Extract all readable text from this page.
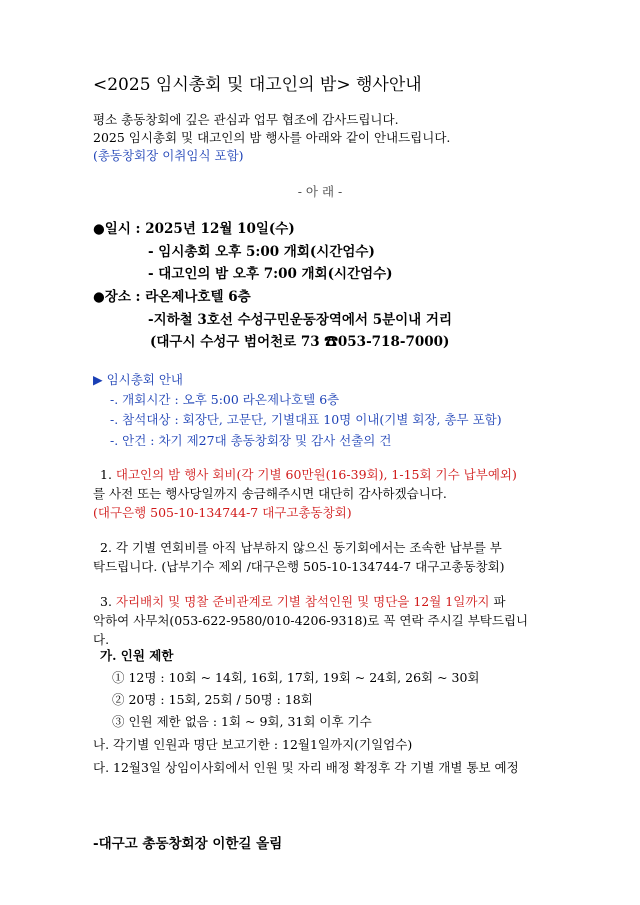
<2025 임시총회 및 대고인의 밤> 행사안내
평소 총동창회에 깊은 관심과 업무 협조에 감사드립니다.
2025 임시총회 및 대고인의 밤 행사를 아래와 같이 안내드립니다.
(총동창회장 이취임식 포함)
- 아 래 -
●일시 : 2025년 12월 10일(수)
- 임시총회 오후 5:00 개회(시간엄수)
- 대고인의 밤 오후 7:00 개회(시간엄수)
●장소 : 라온제나호텔 6층
-지하철 3호선 수성구민운동장역에서 5분이내 거리
(대구시 수성구 범어천로 73 ☎053-718-7000)
▶ 임시총회 안내
-. 개회시간 : 오후 5:00 라온제나호텔 6층
-. 참석대상 : 회장단, 고문단, 기별대표 10명 이내(기별 회장, 총무 포함)
-. 안건 : 차기 제27대 총동창회장 및 감사 선출의 건
1. 대고인의 밤 행사 회비(각 기별 60만원(16-39회), 1-15회 기수 납부예외)
를 사전 또는 행사당일까지 송금해주시면 대단히 감사하겠습니다.
(대구은행 505-10-134744-7 대구고총동창회)
2. 각 기별 연회비를 아직 납부하지 않으신 동기회에서는 조속한 납부를 부
탁드립니다. (납부기수 제외 /대구은행 505-10-134744-7 대구고총동창회)
3. 자리배치 및 명찰 준비관계로 기별 참석인원 및 명단을 12월 1일까지 파
악하여 사무처(053-622-9580/010-4206-9318)로 꼭 연락 주시길 부탁드립니
다.
가. 인원 제한
① 12명 : 10회 ~ 14회, 16회, 17회, 19회 ~ 24회, 26회 ~ 30회
② 20명 : 15회, 25회 / 50명 : 18회
③ 인원 제한 없음 : 1회 ~ 9회, 31회 이후 기수
나. 각기별 인원과 명단 보고기한 : 12월1일까지(기일엄수)
다. 12월3일 상임이사회에서 인원 및 자리 배정 확정후 각 기별 개별 통보 예정
-대구고 총동창회장 이한길 올림
